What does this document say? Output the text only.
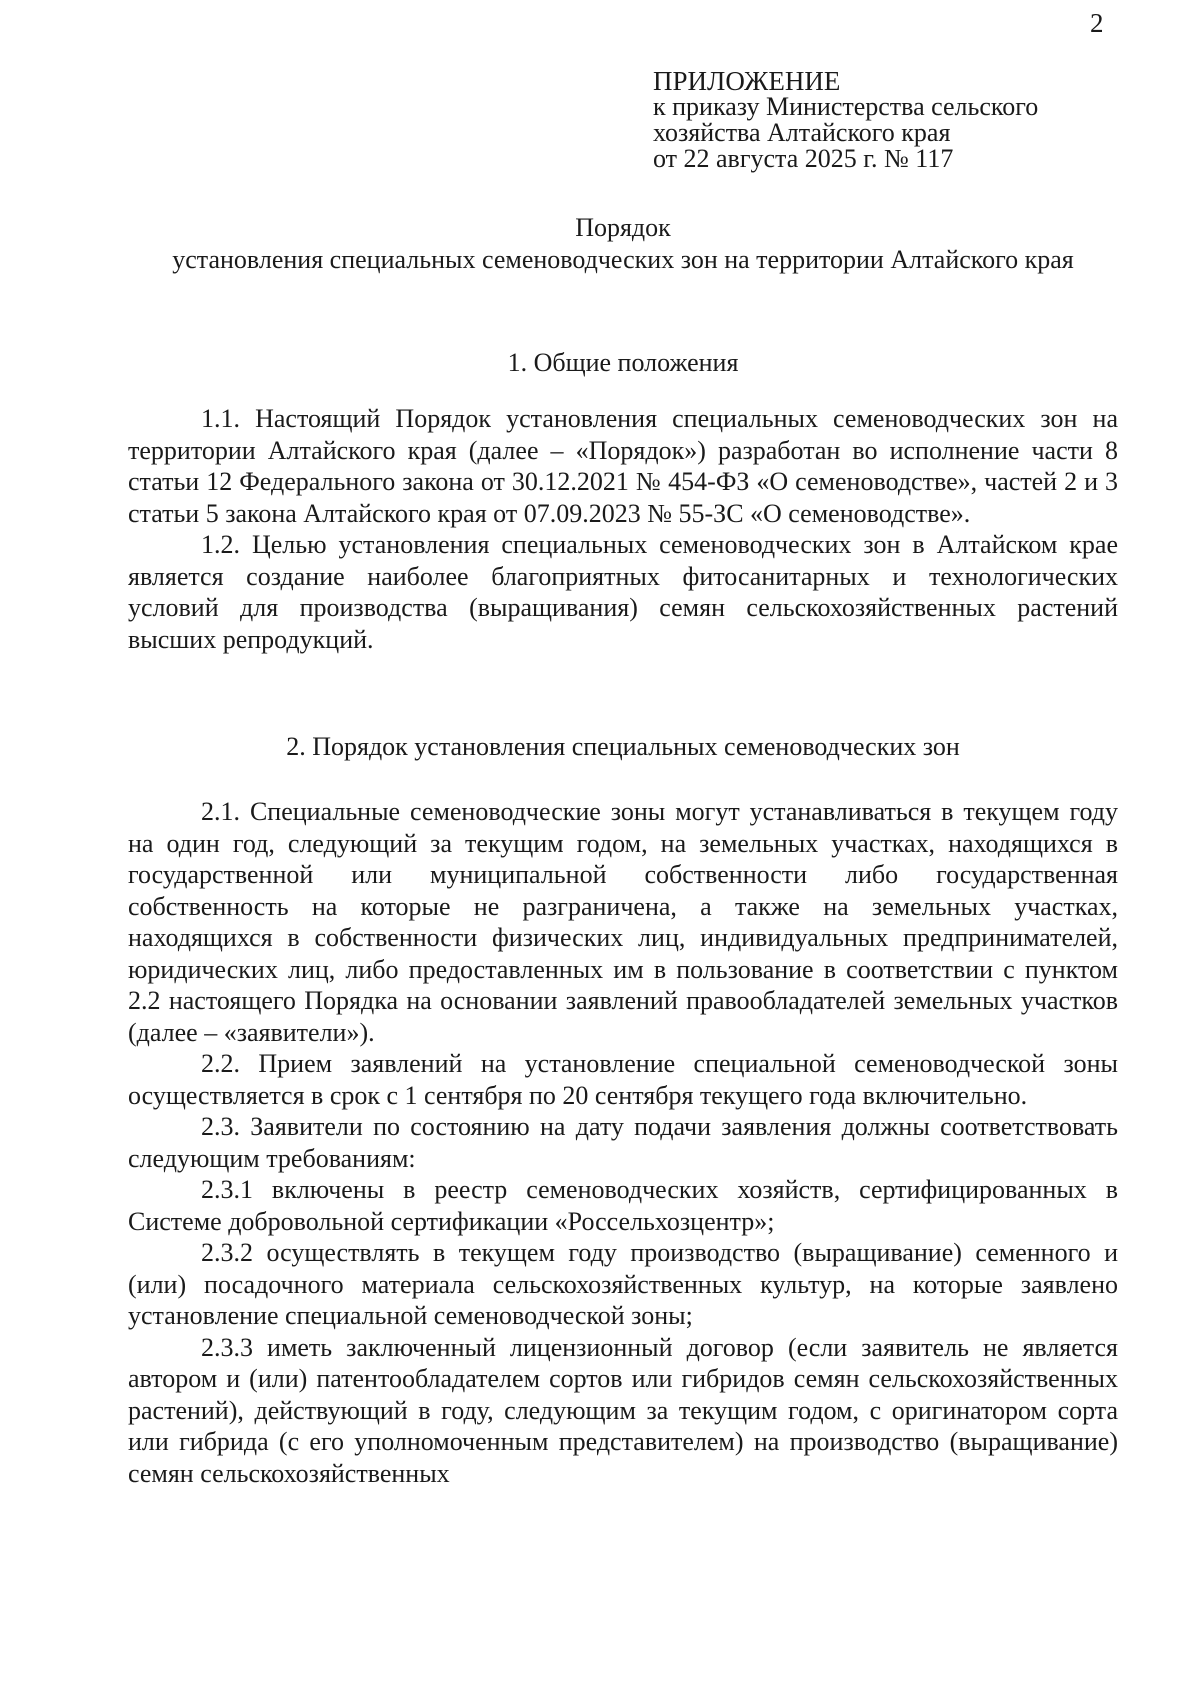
2
ПРИЛОЖЕНИЕ
к приказу Министерства сельского
хозяйства Алтайского края
от 22 августа 2025 г. № 117
Порядок
установления специальных семеноводческих зон на территории Алтайского края
1. Общие положения

1.1. Настоящий Порядок установления специальных семеноводческих зон на территории Алтайского края (далее – «Порядок») разработан во исполнение части 8 статьи 12 Федерального закона от 30.12.2021 № 454-ФЗ «О семеноводстве», частей 2 и 3 статьи 5 закона Алтайского края от 07.09.2023 № 55-ЗС «О семеноводстве».

1.2. Целью установления специальных семеноводческих зон в Алтайском крае является создание наиболее благоприятных фитосанитарных и технологических условий для производства (выращивания) семян сельскохозяйственных растений высших репродукций.

2. Порядок установления специальных семеноводческих зон

2.1. Специальные семеноводческие зоны могут устанавливаться в текущем году на один год, следующий за текущим годом, на земельных участках, находящихся в государственной или муниципальной собственности либо государственная собственность на которые не разграничена, а также на земельных участках, находящихся в собственности физических лиц, индивидуальных предпринимателей, юридических лиц, либо предоставленных им в пользование в соответствии с пунктом 2.2 настоящего Порядка на основании заявлений правообладателей земельных участков (далее – «заявители»).

2.2. Прием заявлений на установление специальной семеноводческой зоны осуществляется в срок с 1 сентября по 20 сентября текущего года включительно.

2.3. Заявители по состоянию на дату подачи заявления должны соответствовать следующим требованиям:

2.3.1 включены в реестр семеноводческих хозяйств, сертифицированных в Системе добровольной сертификации «Россельхозцентр»;

2.3.2 осуществлять в текущем году производство (выращивание) семенного и (или) посадочного материала сельскохозяйственных культур, на которые заявлено установление специальной семеноводческой зоны;

2.3.3 иметь заключенный лицензионный договор (если заявитель не является автором и (или) патентообладателем сортов или гибридов семян сельскохозяйственных растений), действующий в году, следующим за текущим годом, с оригинатором сорта или гибрида (с его уполномоченным представителем) на производство (выращивание) семян сельскохозяйственных
